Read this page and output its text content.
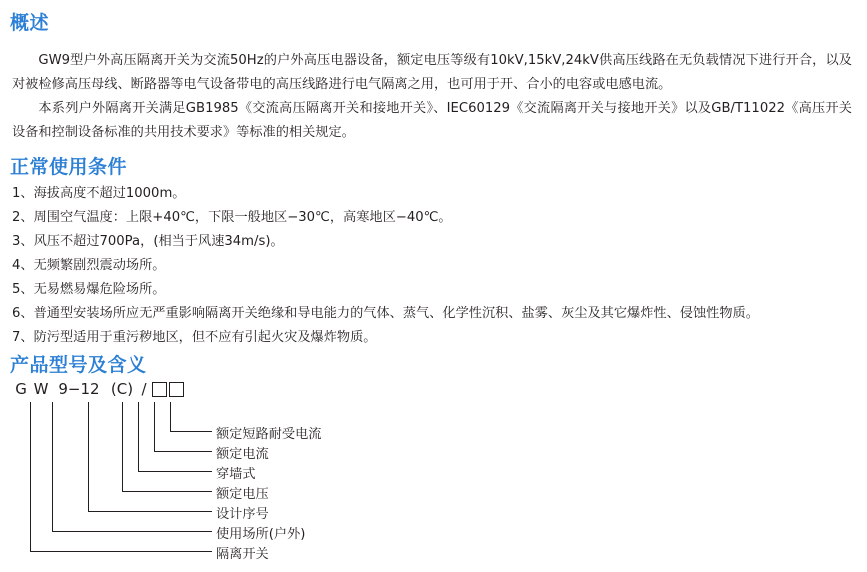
概述

GW9型户外高压隔离开关为交流50Hz的户外高压电器设备，额定电压等级有10kV,15kV,24kV供高压线路在无负载情况下进行开合，以及对被检修高压母线、断路器等电气设备带电的高压线路进行电气隔离之用，也可用于开、合小的电容或电感电流。

本系列户外隔离开关满足GB1985《交流高压隔离开关和接地开关》、IEC60129《交流隔离开关与接地开关》以及GB/T11022《高压开关设备和控制设备标准的共用技术要求》等标准的相关规定。

正常使用条件
1、海拔高度不超过1000m。
2、周围空气温度：上限+40℃，下限一般地区−30℃，高寒地区−40℃。
3、风压不超过700Pa，(相当于风速34m/s)。
4、无频繁剧烈震动场所。
5、无易燃易爆危险场所。
6、普通型安装场所应无严重影响隔离开关绝缘和导电能力的气体、蒸气、化学性沉积、盐雾、灰尘及其它爆炸性、侵蚀性物质。
7、防污型适用于重污秽地区，但不应有引起火灾及爆炸物质。
产品型号及含义
G W 9−12 (C) /
额定短路耐受电流
额定电流
穿墙式
额定电压
设计序号
使用场所(户外)
隔离开关
